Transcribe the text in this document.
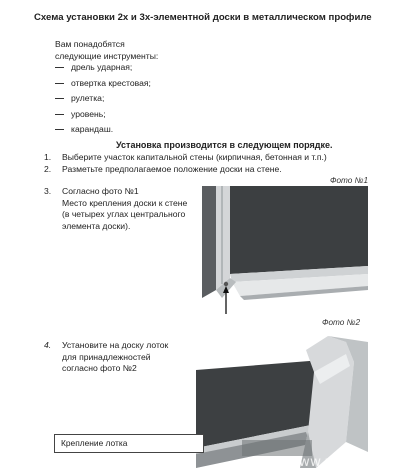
Схема установки 2х и 3х-элементной доски в металлическом профиле
Вам понадобятся
следующие инструменты:
дрель ударная;
отвертка крестовая;
рулетка;
уровень;
карандаш.
Установка производится в следующем порядке.
1. Выберите участок капитальной стены (кирпичная, бетонная и т.п.)
2. Разметьте предполагаемое положение доски на стене.
3. Согласно фото №1
Место крепления доски к стене
(в четырех углах центрального
элемента доски).
4. Установите на доску лоток
для принадлежностей
согласно фото №2
Фото №1
Фото №2
Крепление лотка
www.mebela.ru
